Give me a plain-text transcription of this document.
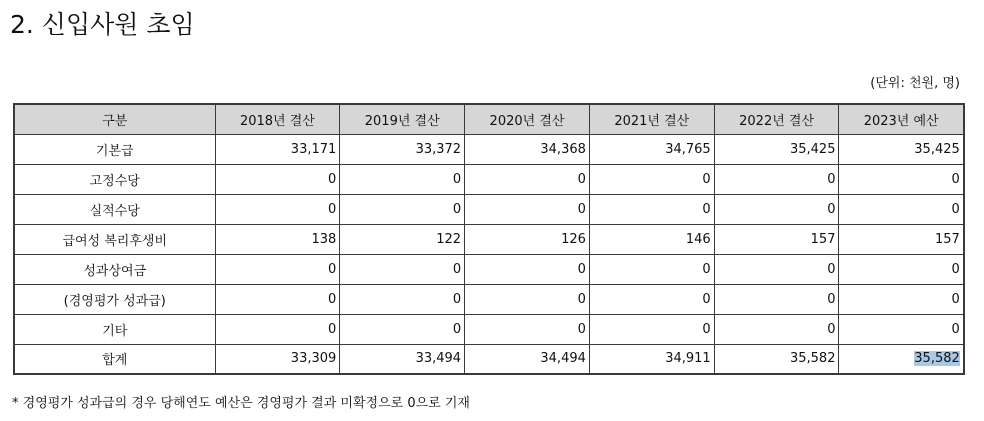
2. 신입사원 초임
(단위: 천원, 명)
구분	2018년 결산	2019년 결산	2020년 결산	2021년 결산	2022년 결산	2023년 예산
기본급	33,171	33,372	34,368	34,765	35,425	35,425
고정수당	0	0	0	0	0	0
실적수당	0	0	0	0	0	0
급여성 복리후생비	138	122	126	146	157	157
성과상여금	0	0	0	0	0	0
(경영평가 성과급)	0	0	0	0	0	0
기타	0	0	0	0	0	0
합계	33,309	33,494	34,494	34,911	35,582	35,582
* 경영평가 성과급의 경우 당해연도 예산은 경영평가 결과 미확정으로 0으로 기재
